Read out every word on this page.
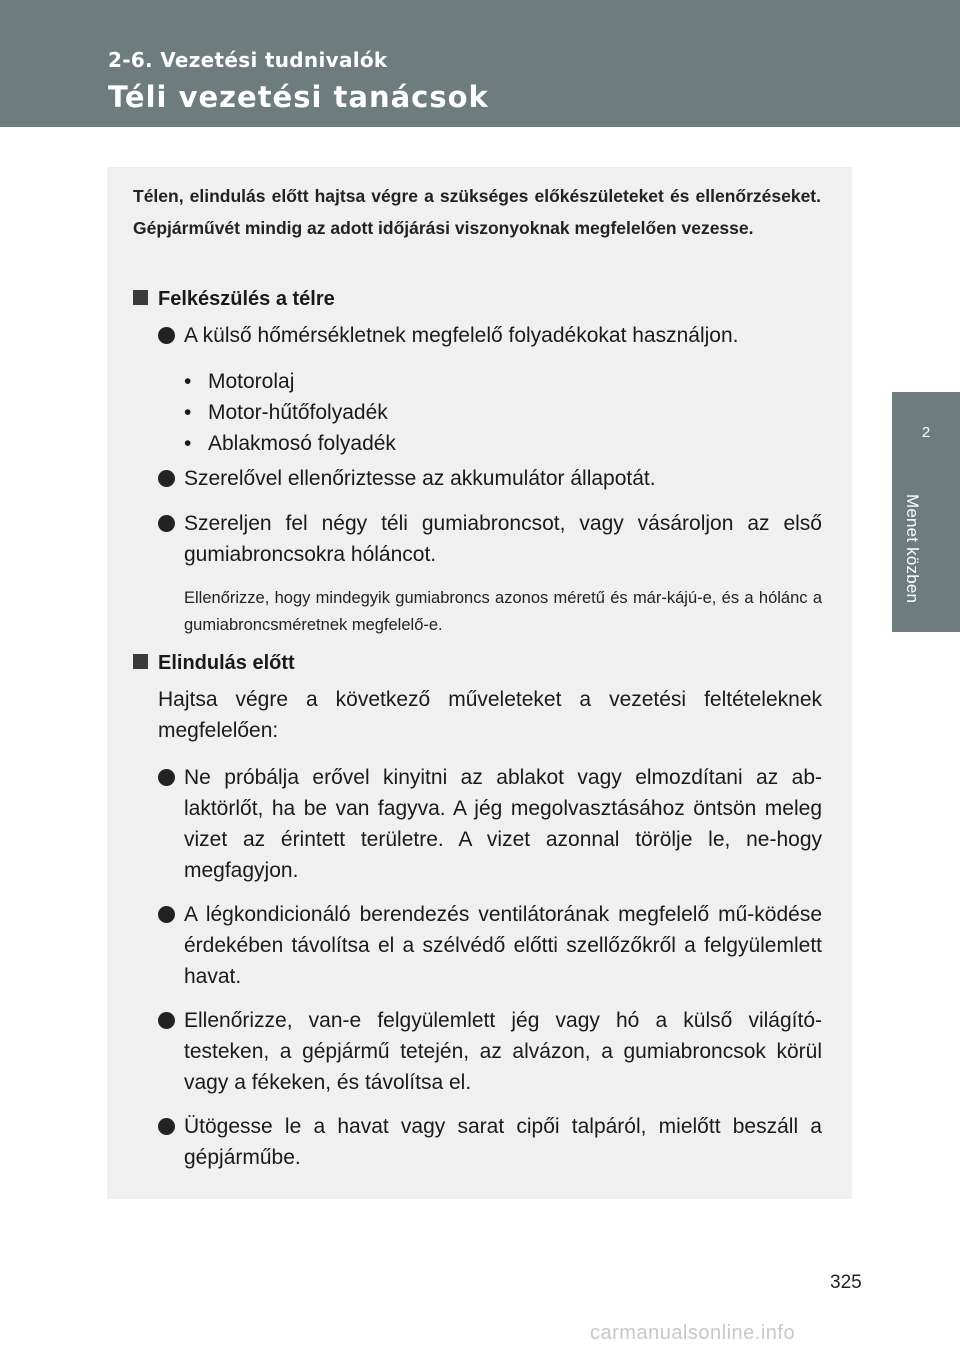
2-6. Vezetési tudnivalók
Téli vezetési tanácsok
2
Menet közben
Télen, elindulás előtt hajtsa végre a szükséges előkészületeket és ellenőrzéseket. Gépjárművét mindig az adott időjárási viszonyoknak megfelelően vezesse.
Felkészülés a télre
A külső hőmérsékletnek megfelelő folyadékokat használjon.
• Motorolaj
• Motor-hűtőfolyadék
• Ablakmosó folyadék
Szerelővel ellenőriztesse az akkumulátor állapotát.
Szereljen fel négy téli gumiabroncsot, vagy vásároljon az első gumiabroncsokra hóláncot.
Ellenőrizze, hogy mindegyik gumiabroncs azonos méretű és már-kájú-e, és a hólánc a gumiabroncsméretnek megfelelő-e.
Elindulás előtt
Hajtsa végre a következő műveleteket a vezetési feltételeknek megfelelően:
Ne próbálja erővel kinyitni az ablakot vagy elmozdítani az ab-laktörlőt, ha be van fagyva. A jég megolvasztásához öntsön meleg vizet az érintett területre. A vizet azonnal törölje le, ne-hogy megfagyjon.
A légkondicionáló berendezés ventilátorának megfelelő mű-ködése érdekében távolítsa el a szélvédő előtti szellőzőkről a felgyülemlett havat.
Ellenőrizze, van-e felgyülemlett jég vagy hó a külső világító-testeken, a gépjármű tetején, az alvázon, a gumiabroncsok körül vagy a fékeken, és távolítsa el.
Ütögesse le a havat vagy sarat cipői talpáról, mielőtt beszáll a gépjárműbe.
325
carmanualsonline.info
